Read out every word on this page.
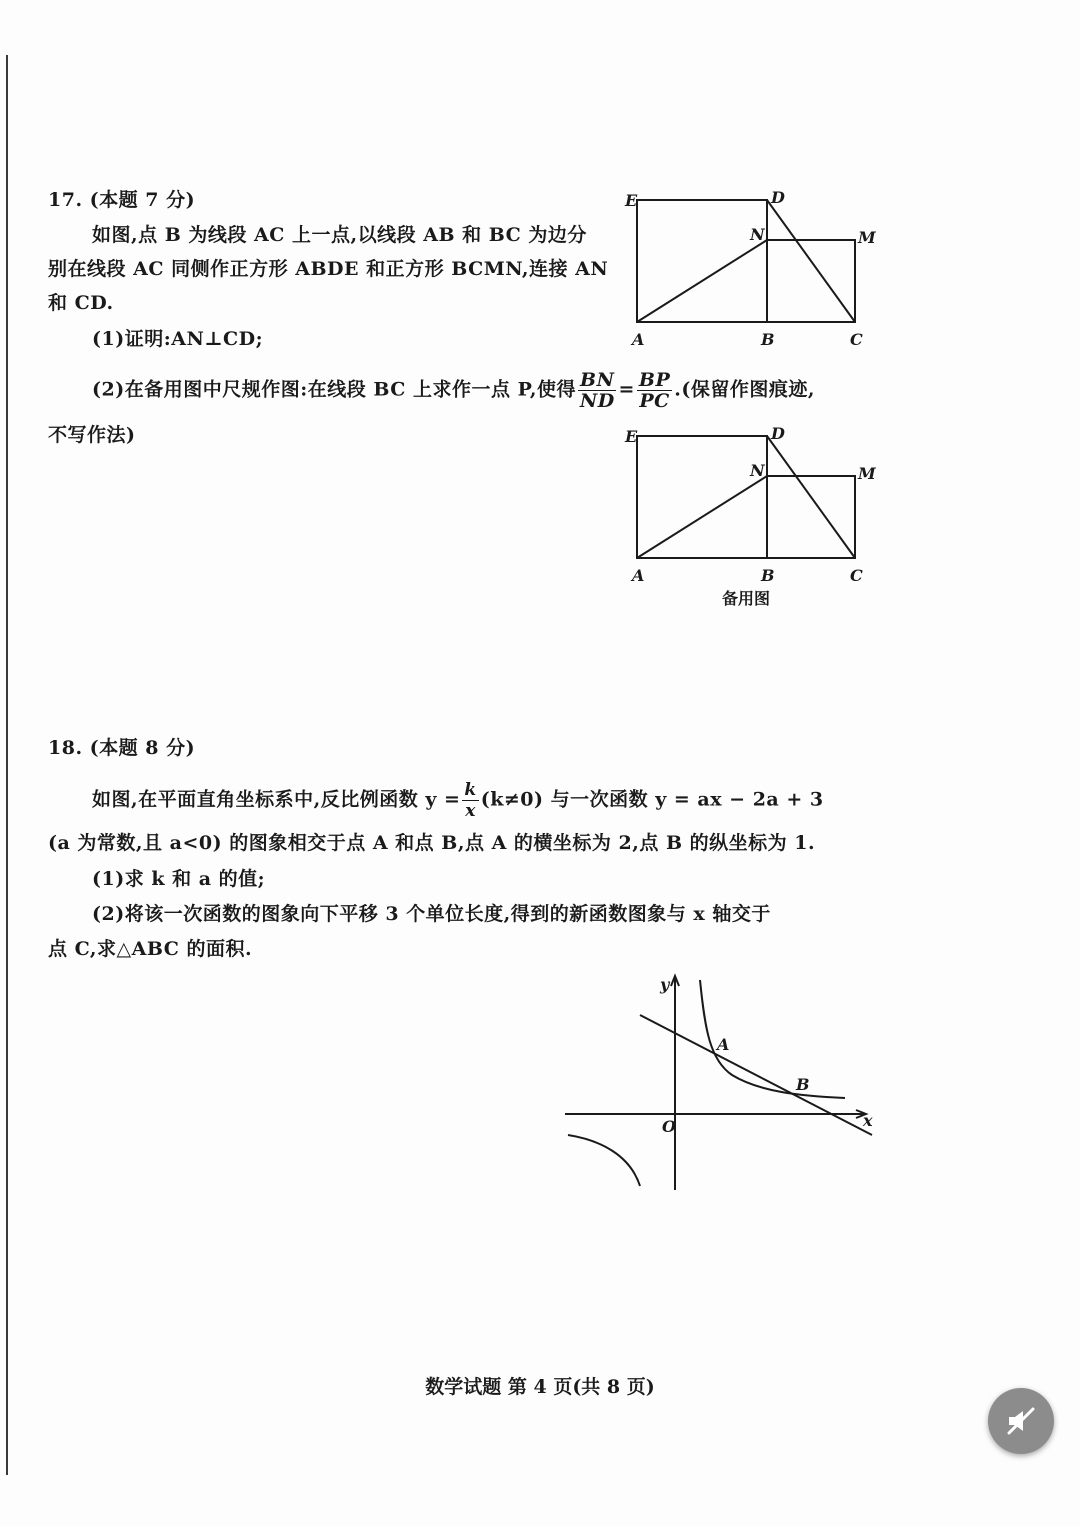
17. (本题 7 分)
如图,点 B 为线段 AC 上一点,以线段 AB 和 BC 为边分
别在线段 AC 同侧作正方形 ABDE 和正方形 BCMN,连接 AN
和 CD.
(1)证明:AN⊥CD;
(2)在备用图中尺规作图:在线段 BC 上求作一点 P,使得 $\frac{BN}{ND} = \frac{BP}{PC}$ .(保留作图痕迹,
不写作法)
E	D
N	M
A	B	C
E	D
N	M
A	B	C
备用图
18. (本题 8 分)
如图,在平面直角坐标系中,反比例函数 $y = \frac{k}{x} (k\ne 0)$ 与一次函数 y = ax − 2a + 3
(a 为常数,且 a<0) 的图象相交于点 A 和点 B,点 A 的横坐标为 2,点 B 的纵坐标为 1.
(1)求 k 和 a 的值;
(2)将该一次函数的图象向下平移 3 个单位长度,得到的新函数图象与 x 轴交于
点 C,求△ABC 的面积.
y
x
O
A
B
数学试题 第 4 页(共 8 页)
